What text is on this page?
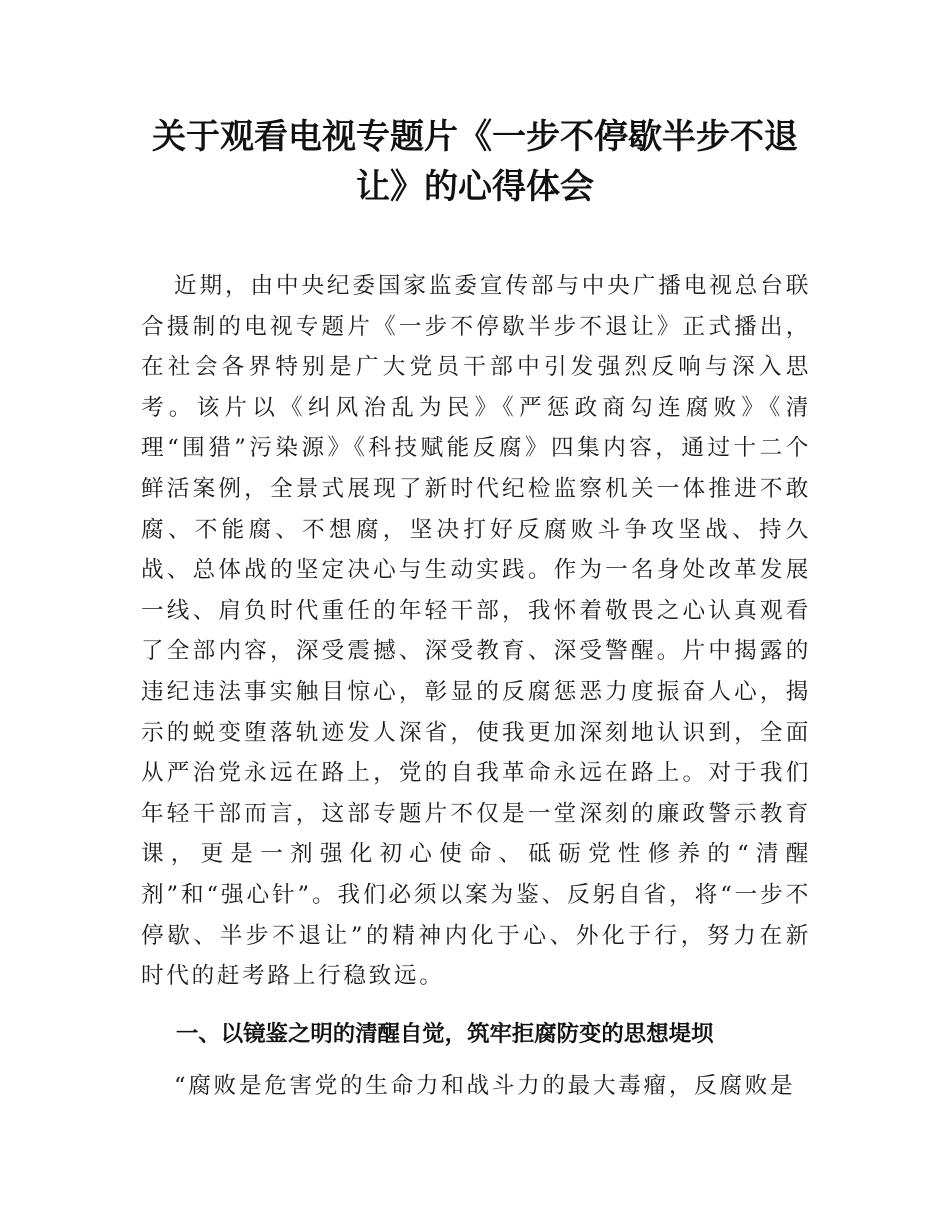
关于观看电视专题片《一步不停歇半步不退让》的心得体会

近期，由中央纪委国家监委宣传部与中央广播电视总台联合摄制的电视专题片《一步不停歇半步不退让》正式播出，在社会各界特别是广大党员干部中引发强烈反响与深入思考。该片以《纠风治乱为民》《严惩政商勾连腐败》《清理“围猎”污染源》《科技赋能反腐》四集内容，通过十二个鲜活案例，全景式展现了新时代纪检监察机关一体推进不敢腐、不能腐、不想腐，坚决打好反腐败斗争攻坚战、持久战、总体战的坚定决心与生动实践。作为一名身处改革发展一线、肩负时代重任的年轻干部，我怀着敬畏之心认真观看了全部内容，深受震撼、深受教育、深受警醒。片中揭露的违纪违法事实触目惊心，彰显的反腐惩恶力度振奋人心，揭示的蜕变堕落轨迹发人深省，使我更加深刻地认识到，全面从严治党永远在路上，党的自我革命永远在路上。对于我们年轻干部而言，这部专题片不仅是一堂深刻的廉政警示教育课，更是一剂强化初心使命、砥砺党性修养的“清醒剂”和“强心针”。我们必须以案为鉴、反躬自省，将“一步不停歇、半步不退让”的精神内化于心、外化于行，努力在新时代的赶考路上行稳致远。

一、以镜鉴之明的清醒自觉，筑牢拒腐防变的思想堤坝

“腐败是危害党的生命力和战斗力的最大毒瘤，反腐败是
